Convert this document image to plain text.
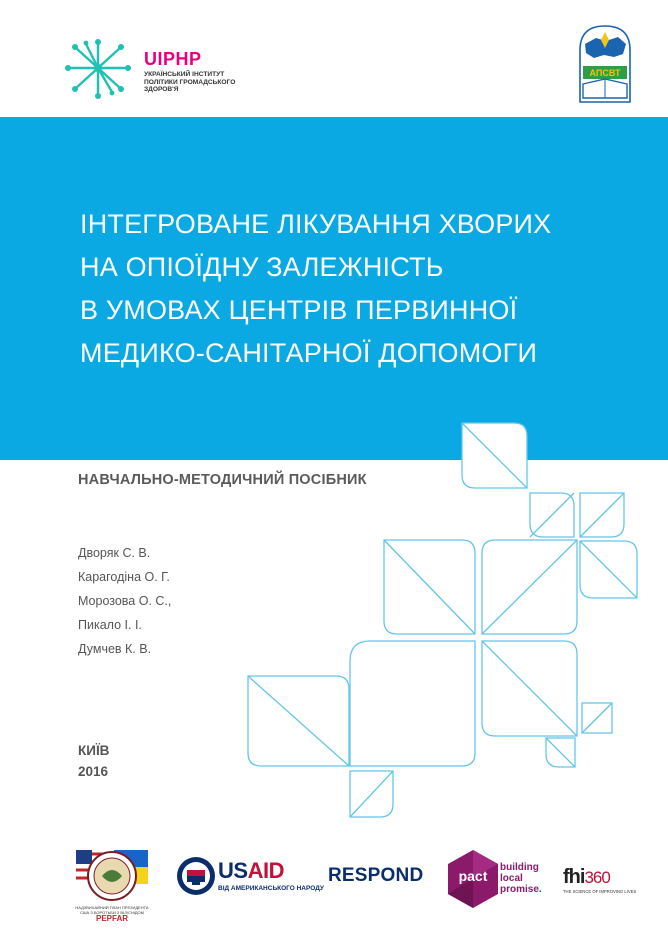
UIPHP
УКРАЇНСЬКИЙ ІНСТИТУТ ПОЛІТИКИ ГРОМАДСЬКОГО ЗДОРОВ'Я
АПСВТ
ІНТЕГРОВАНЕ ЛІКУВАННЯ ХВОРИХ
НА ОПІОЇДНУ ЗАЛЕЖНІСТЬ
В УМОВАХ ЦЕНТРІВ ПЕРВИННОЇ
МЕДИКО-САНІТАРНОЇ ДОПОМОГИ
НАВЧАЛЬНО-МЕТОДИЧНИЙ ПОСІБНИК
Дворяк С. В.
Карагодіна О. Г.
Морозова О. С.,
Пикало І. І.
Думчев К. В.
КИЇВ
2016
НАДЗВИЧАЙНИЙ ПЛАН ПРЕЗИДЕНТА США З БОРОТЬБИ З ВІЛ/СНІДОМ
PEPFAR
USAID
ВІД АМЕРИКАНСЬКОГО НАРОДУ
RESPOND	pact
building
local
promise.
fhi360
THE SCIENCE OF IMPROVING LIVES
